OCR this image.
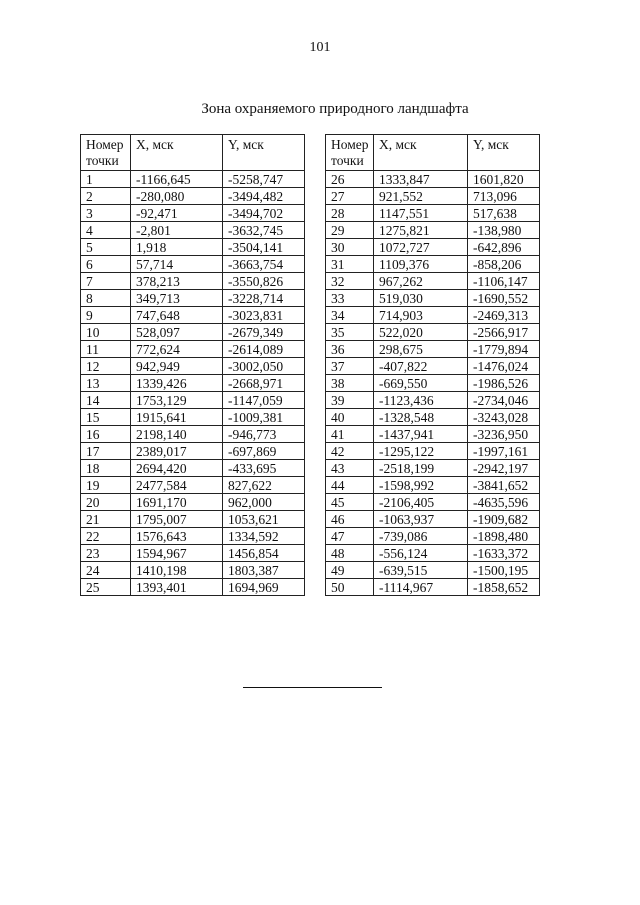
101
Зона охраняемого природного ландшафта
Номер
точки	X, мск	Y, мск
1	-1166,645	-5258,747
2	-280,080	-3494,482
3	-92,471	-3494,702
4	-2,801	-3632,745
5	1,918	-3504,141
6	57,714	-3663,754
7	378,213	-3550,826
8	349,713	-3228,714
9	747,648	-3023,831
10	528,097	-2679,349
11	772,624	-2614,089
12	942,949	-3002,050
13	1339,426	-2668,971
14	1753,129	-1147,059
15	1915,641	-1009,381
16	2198,140	-946,773
17	2389,017	-697,869
18	2694,420	-433,695
19	2477,584	827,622
20	1691,170	962,000
21	1795,007	1053,621
22	1576,643	1334,592
23	1594,967	1456,854
24	1410,198	1803,387
25	1393,401	1694,969
Номер
точки	X, мск	Y, мск
26	1333,847	1601,820
27	921,552	713,096
28	1147,551	517,638
29	1275,821	-138,980
30	1072,727	-642,896
31	1109,376	-858,206
32	967,262	-1106,147
33	519,030	-1690,552
34	714,903	-2469,313
35	522,020	-2566,917
36	298,675	-1779,894
37	-407,822	-1476,024
38	-669,550	-1986,526
39	-1123,436	-2734,046
40	-1328,548	-3243,028
41	-1437,941	-3236,950
42	-1295,122	-1997,161
43	-2518,199	-2942,197
44	-1598,992	-3841,652
45	-2106,405	-4635,596
46	-1063,937	-1909,682
47	-739,086	-1898,480
48	-556,124	-1633,372
49	-639,515	-1500,195
50	-1114,967	-1858,652
